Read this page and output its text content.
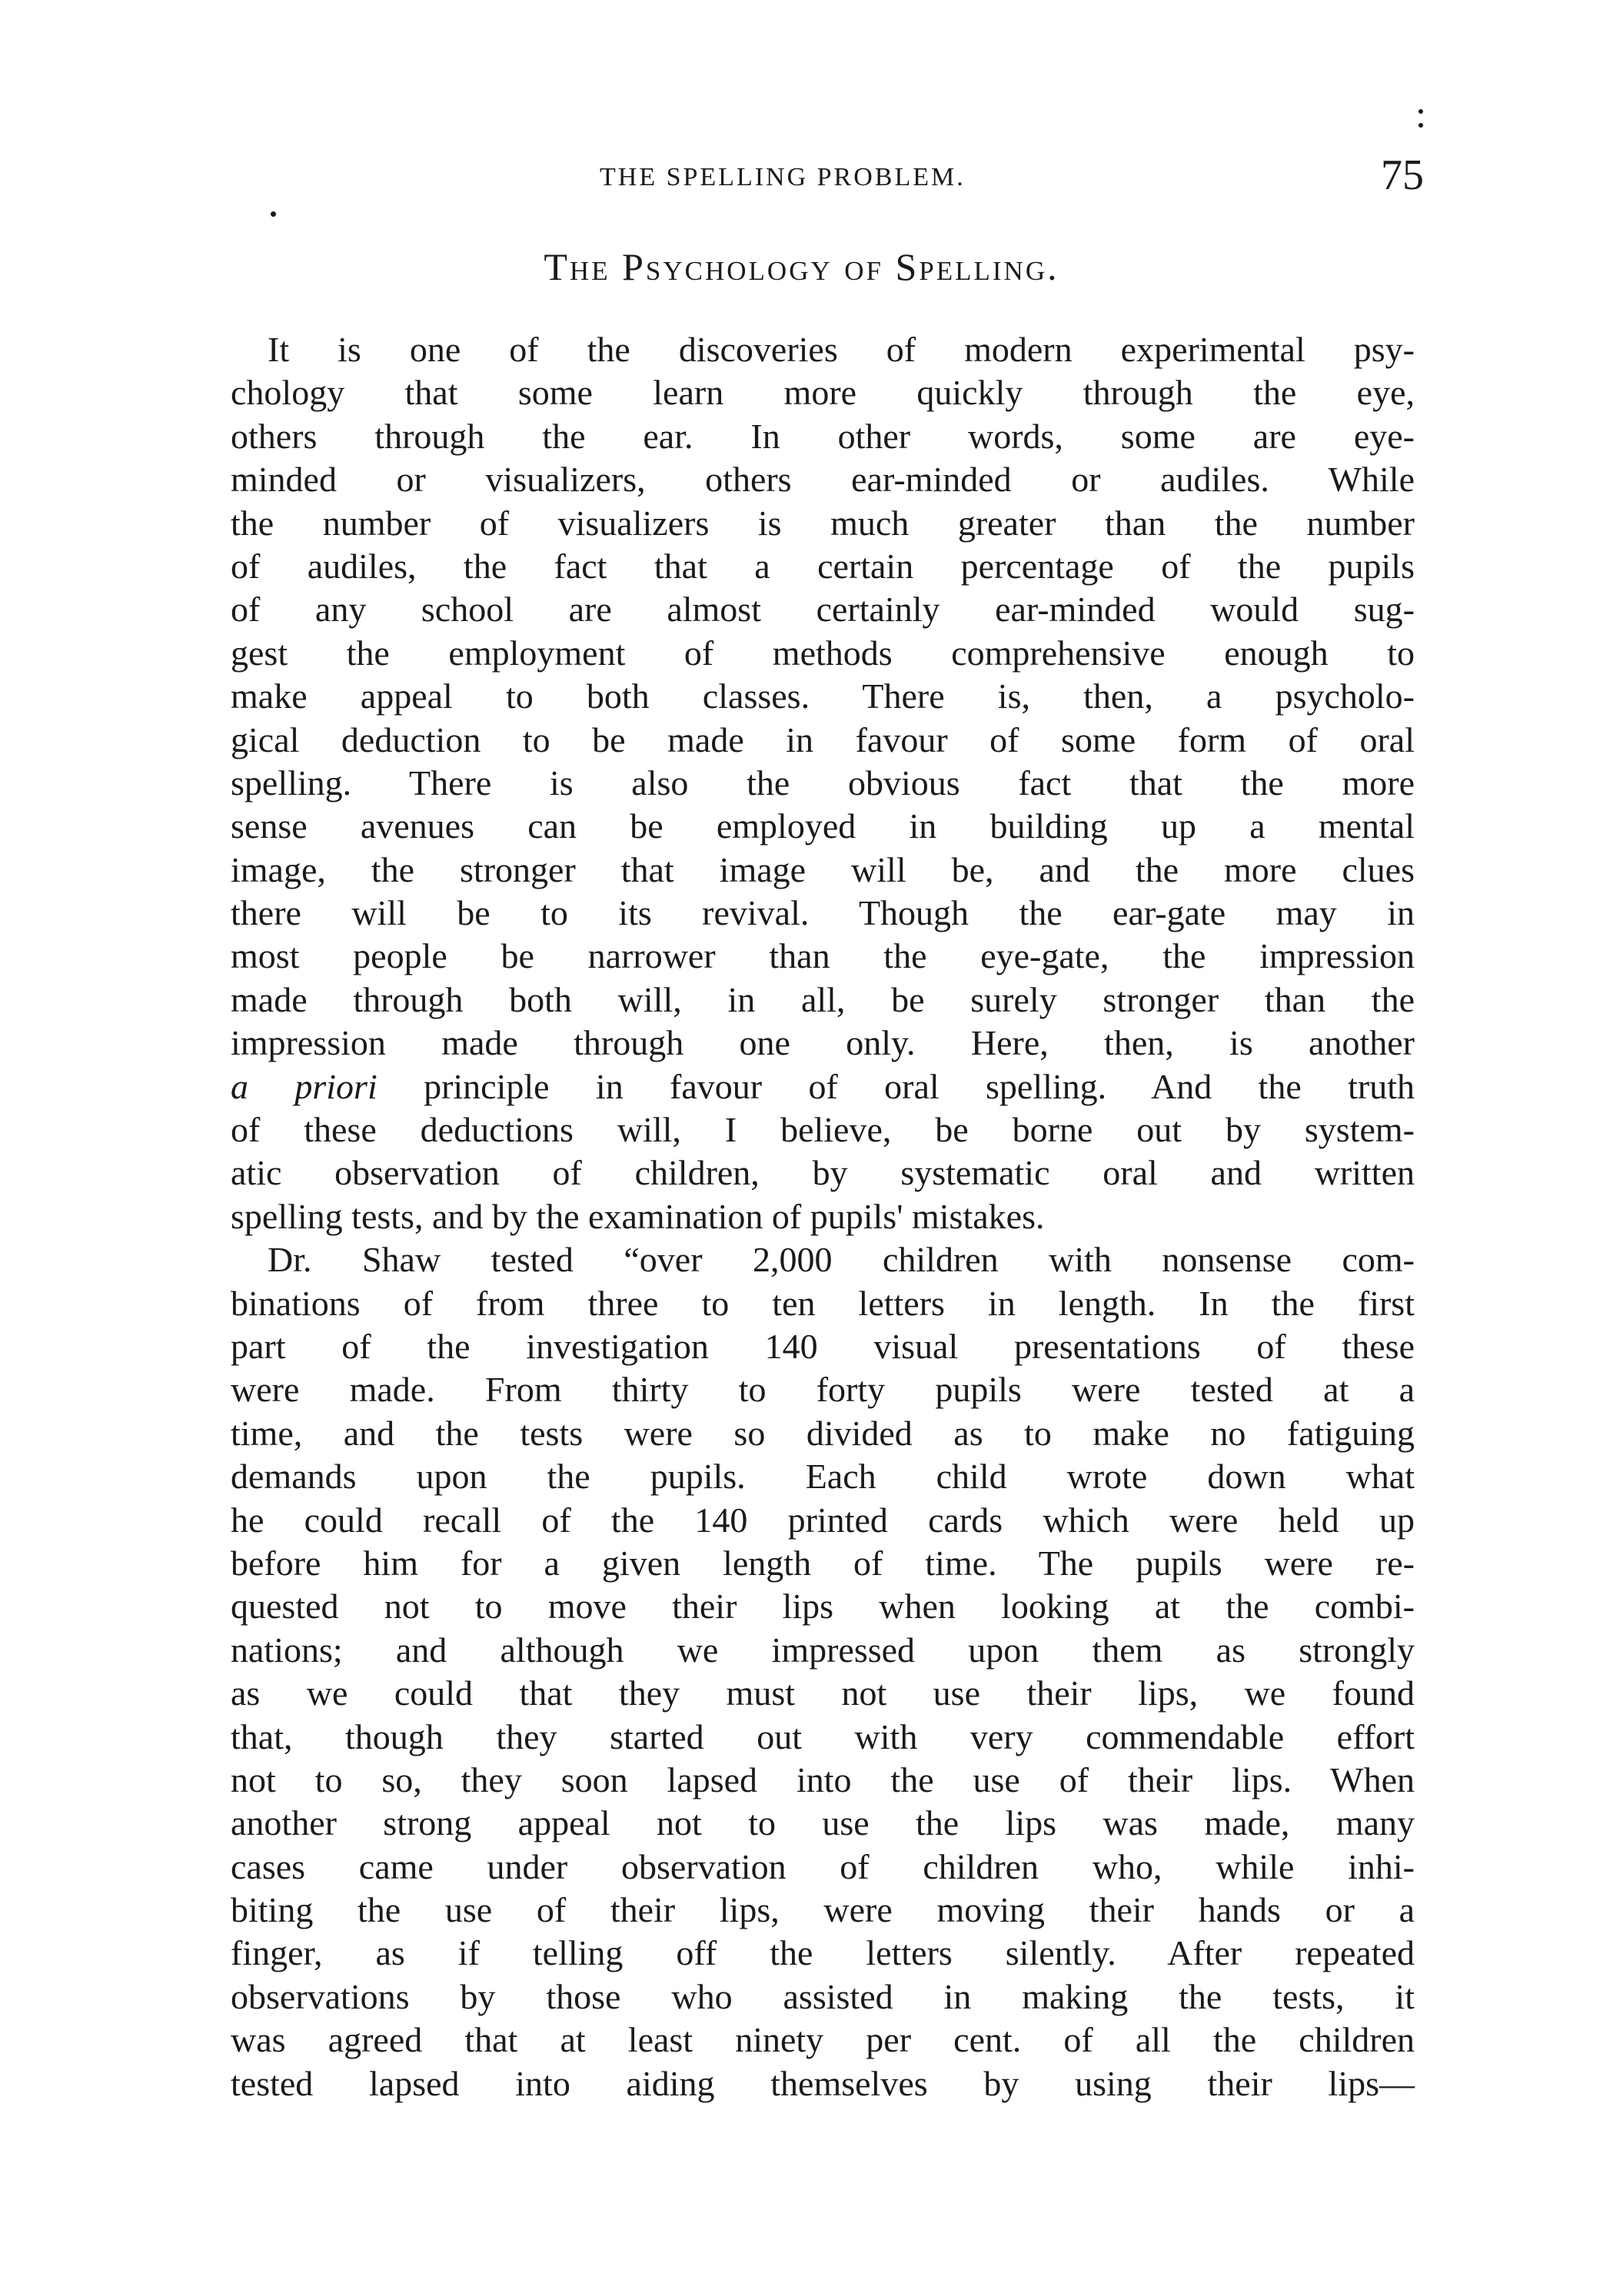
THE SPELLING PROBLEM.	75
The Psychology of Spelling.
It is one of the discoveries of modern experimental psy-
chology that some learn more quickly through the eye,
others through the ear. In other words, some are eye-
minded or visualizers, others ear-minded or audiles. While
the number of visualizers is much greater than the number
of audiles, the fact that a certain percentage of the pupils
of any school are almost certainly ear-minded would sug-
gest the employment of methods comprehensive enough to
make appeal to both classes. There is, then, a psycholo-
gical deduction to be made in favour of some form of oral
spelling. There is also the obvious fact that the more
sense avenues can be employed in building up a mental
image, the stronger that image will be, and the more clues
there will be to its revival. Though the ear-gate may in
most people be narrower than the eye-gate, the impression
made through both will, in all, be surely stronger than the
impression made through one only. Here, then, is another
a priori principle in favour of oral spelling. And the truth
of these deductions will, I believe, be borne out by system-
atic observation of children, by systematic oral and written
spelling tests, and by the examination of pupils' mistakes.
Dr. Shaw tested “over 2,000 children with nonsense com-
binations of from three to ten letters in length. In the first
part of the investigation 140 visual presentations of these
were made. From thirty to forty pupils were tested at a
time, and the tests were so divided as to make no fatiguing
demands upon the pupils. Each child wrote down what
he could recall of the 140 printed cards which were held up
before him for a given length of time. The pupils were re-
quested not to move their lips when looking at the combi-
nations; and although we impressed upon them as strongly
as we could that they must not use their lips, we found
that, though they started out with very commendable effort
not to so, they soon lapsed into the use of their lips. When
another strong appeal not to use the lips was made, many
cases came under observation of children who, while inhi-
biting the use of their lips, were moving their hands or a
finger, as if telling off the letters silently. After repeated
observations by those who assisted in making the tests, it
was agreed that at least ninety per cent. of all the children
tested lapsed into aiding themselves by using their lips—
